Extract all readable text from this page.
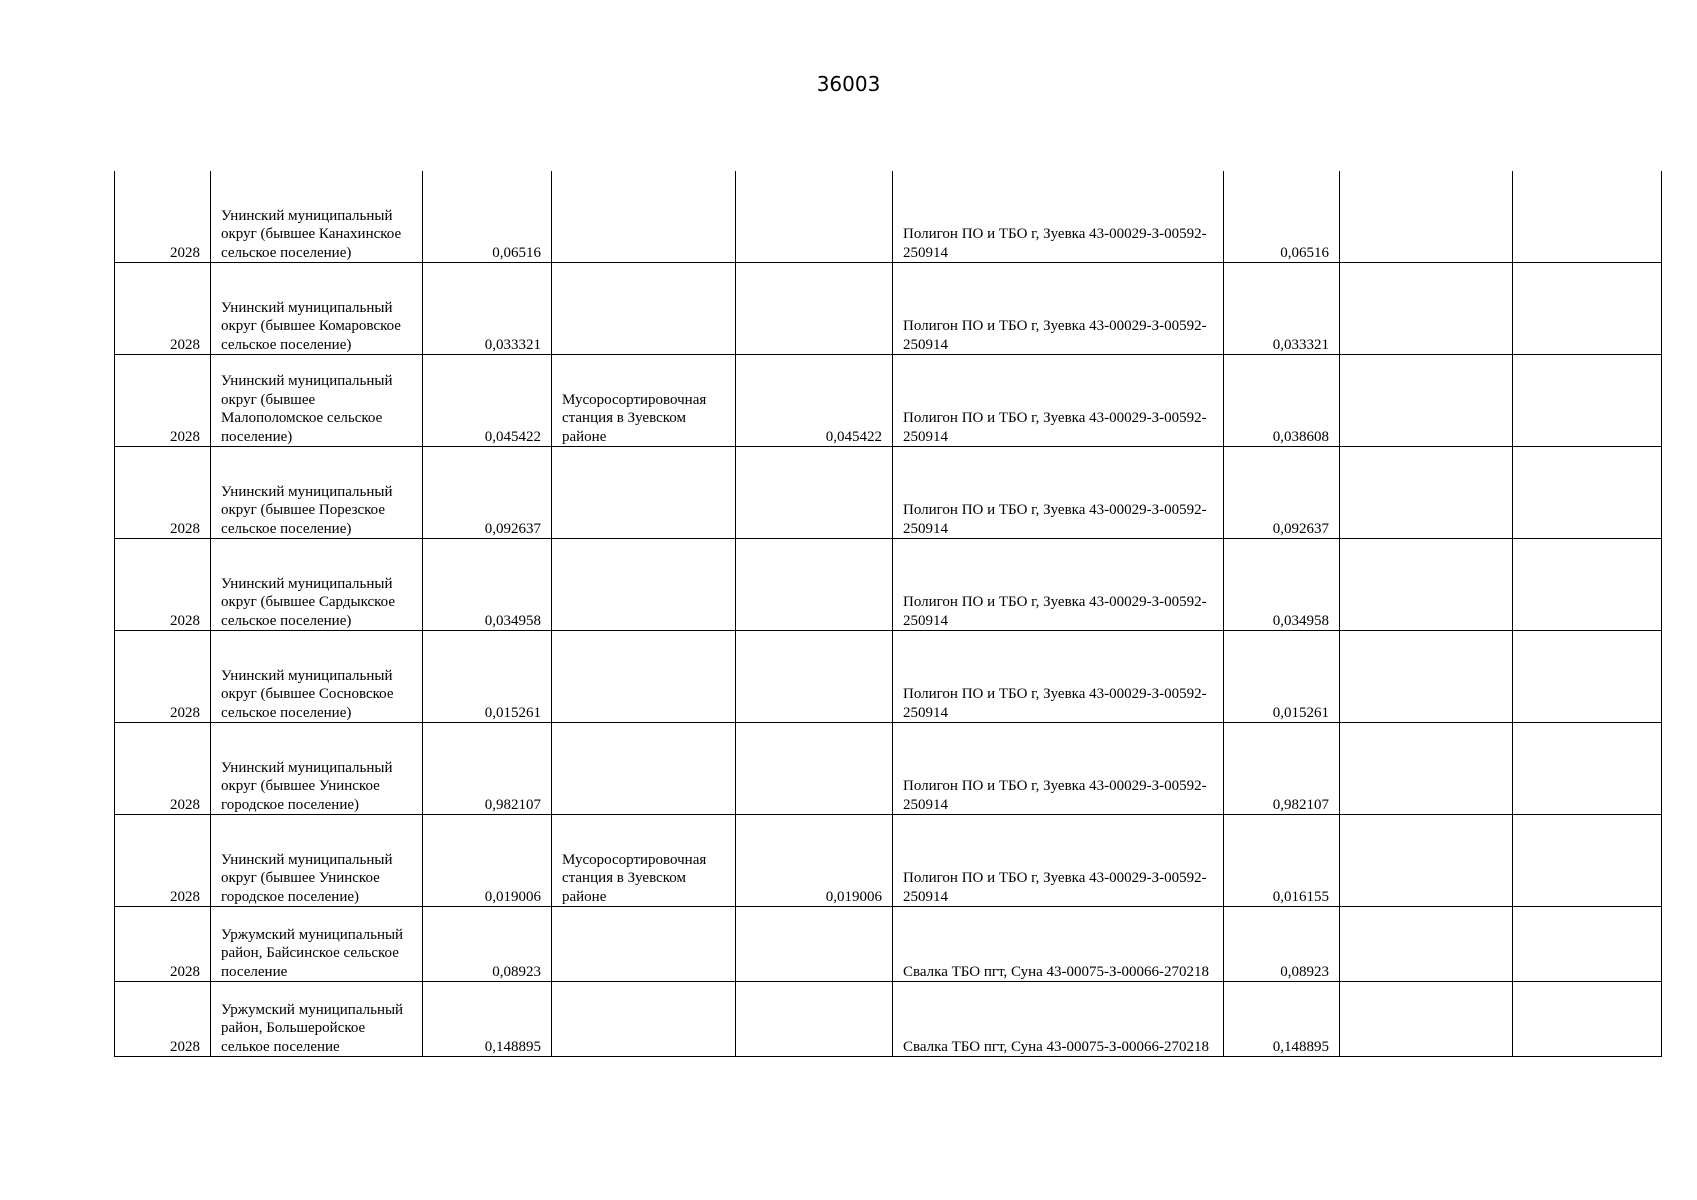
36003
2028	Унинский муниципальный округ (бывшее Канахинское сельское поселение)	0,06516			Полигон ПО и ТБО г, Зуевка 43-00029-З-00592-250914	0,06516		
2028	Унинский муниципальный округ (бывшее Комаровское сельское поселение)	0,033321			Полигон ПО и ТБО г, Зуевка 43-00029-З-00592-250914	0,033321		
2028	Унинский муниципальный округ (бывшее Малополомское сельское поселение)	0,045422	Мусоросортировочная станция в Зуевском районе	0,045422	Полигон ПО и ТБО г, Зуевка 43-00029-З-00592-250914	0,038608		
2028	Унинский муниципальный округ (бывшее Порезское сельское поселение)	0,092637			Полигон ПО и ТБО г, Зуевка 43-00029-З-00592-250914	0,092637		
2028	Унинский муниципальный округ (бывшее Сардыкское сельское поселение)	0,034958			Полигон ПО и ТБО г, Зуевка 43-00029-З-00592-250914	0,034958		
2028	Унинский муниципальный округ (бывшее Сосновское сельское поселение)	0,015261			Полигон ПО и ТБО г, Зуевка 43-00029-З-00592-250914	0,015261		
2028	Унинский муниципальный округ (бывшее Унинское городское поселение)	0,982107			Полигон ПО и ТБО г, Зуевка 43-00029-З-00592-250914	0,982107		
2028	Унинский муниципальный округ (бывшее Унинское городское поселение)	0,019006	Мусоросортировочная станция в Зуевском районе	0,019006	Полигон ПО и ТБО г, Зуевка 43-00029-З-00592-250914	0,016155		
2028	Уржумский муниципальный район, Байсинское сельское поселение	0,08923			Свалка ТБО пгт, Суна 43-00075-З-00066-270218	0,08923		
2028	Уржумский муниципальный район, Большеройское селькое поселение	0,148895			Свалка ТБО пгт, Суна 43-00075-З-00066-270218	0,148895		
